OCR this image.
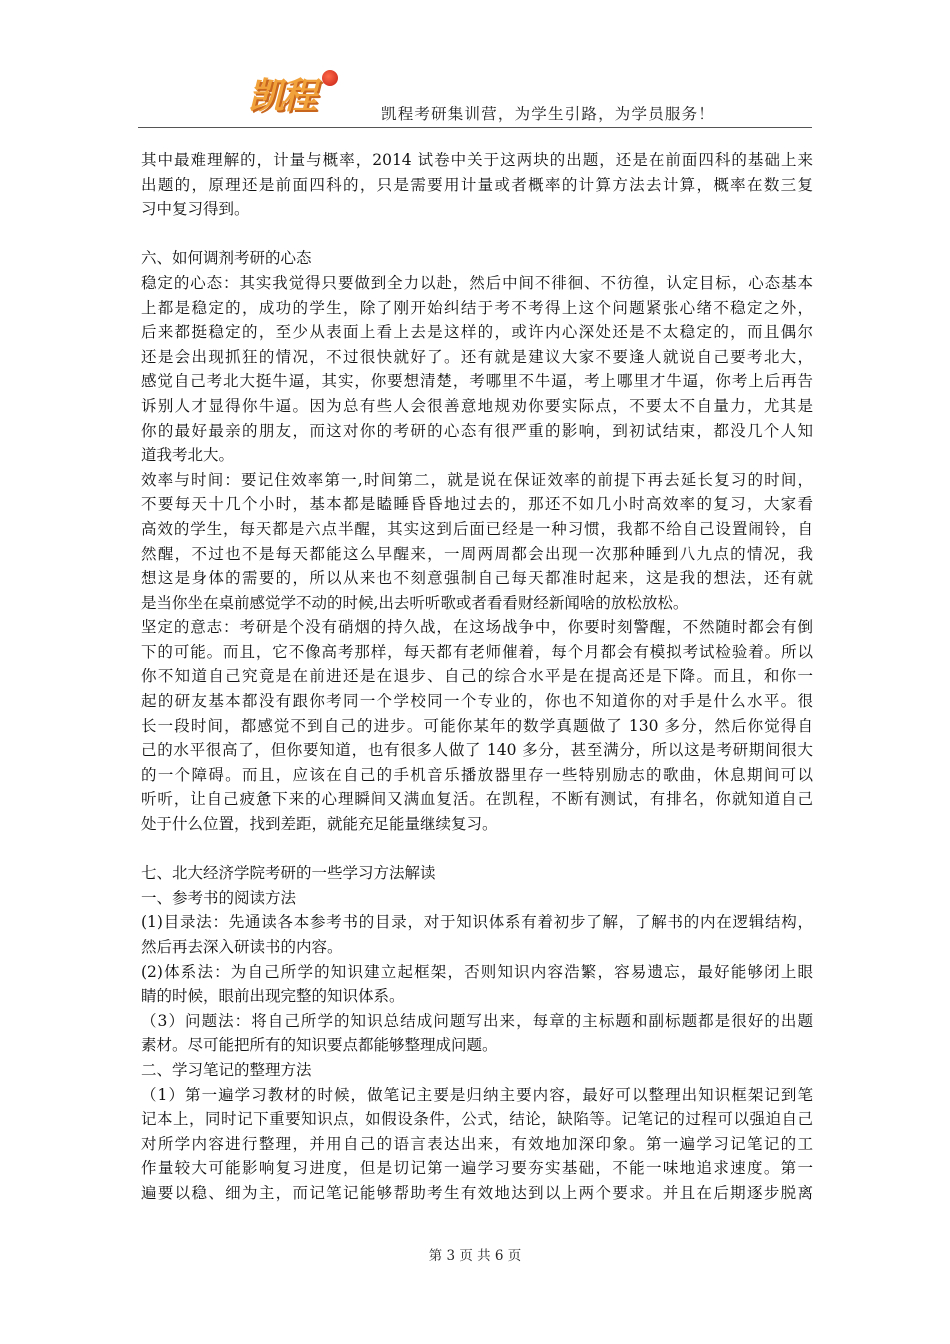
凯程	凯程考研集训营，为学生引路，为学员服务！
其中最难理解的，计量与概率，2014 试卷中关于这两块的出题，还是在前面四科的基础上来
出题的，原理还是前面四科的，只是需要用计量或者概率的计算方法去计算，概率在数三复
习中复习得到。
六、如何调剂考研的心态
稳定的心态：其实我觉得只要做到全力以赴，然后中间不徘徊、不彷徨，认定目标，心态基本
上都是稳定的，成功的学生，除了刚开始纠结于考不考得上这个问题紧张心绪不稳定之外，
后来都挺稳定的，至少从表面上看上去是这样的，或许内心深处还是不太稳定的，而且偶尔
还是会出现抓狂的情况，不过很快就好了。还有就是建议大家不要逢人就说自己要考北大，
感觉自己考北大挺牛逼，其实，你要想清楚，考哪里不牛逼，考上哪里才牛逼，你考上后再告
诉别人才显得你牛逼。因为总有些人会很善意地规劝你要实际点，不要太不自量力，尤其是
你的最好最亲的朋友，而这对你的考研的心态有很严重的影响，到初试结束，都没几个人知
道我考北大。
效率与时间：要记住效率第一,时间第二，就是说在保证效率的前提下再去延长复习的时间，
不要每天十几个小时，基本都是瞌睡昏昏地过去的，那还不如几小时高效率的复习，大家看
高效的学生，每天都是六点半醒，其实这到后面已经是一种习惯，我都不给自己设置闹铃，自
然醒，不过也不是每天都能这么早醒来，一周两周都会出现一次那种睡到八九点的情况，我
想这是身体的需要的，所以从来也不刻意强制自己每天都准时起来，这是我的想法，还有就
是当你坐在桌前感觉学不动的时候,出去听听歌或者看看财经新闻啥的放松放松。
坚定的意志：考研是个没有硝烟的持久战，在这场战争中，你要时刻警醒，不然随时都会有倒
下的可能。而且，它不像高考那样，每天都有老师催着，每个月都会有模拟考试检验着。所以
你不知道自己究竟是在前进还是在退步、自己的综合水平是在提高还是下降。而且，和你一
起的研友基本都没有跟你考同一个学校同一个专业的，你也不知道你的对手是什么水平。很
长一段时间，都感觉不到自己的进步。可能你某年的数学真题做了 130 多分，然后你觉得自
己的水平很高了，但你要知道，也有很多人做了 140 多分，甚至满分，所以这是考研期间很大
的一个障碍。而且，应该在自己的手机音乐播放器里存一些特别励志的歌曲，休息期间可以
听听，让自己疲惫下来的心理瞬间又满血复活。在凯程，不断有测试，有排名，你就知道自己
处于什么位置，找到差距，就能充足能量继续复习。
七、北大经济学院考研的一些学习方法解读
一、参考书的阅读方法
(1)目录法：先通读各本参考书的目录，对于知识体系有着初步了解，了解书的内在逻辑结构，
然后再去深入研读书的内容。
(2)体系法：为自己所学的知识建立起框架，否则知识内容浩繁，容易遗忘，最好能够闭上眼
睛的时候，眼前出现完整的知识体系。
（3）问题法：将自己所学的知识总结成问题写出来，每章的主标题和副标题都是很好的出题
素材。尽可能把所有的知识要点都能够整理成问题。
二、学习笔记的整理方法
（1）第一遍学习教材的时候，做笔记主要是归纳主要内容，最好可以整理出知识框架记到笔
记本上，同时记下重要知识点，如假设条件，公式，结论，缺陷等。记笔记的过程可以强迫自己
对所学内容进行整理，并用自己的语言表达出来，有效地加深印象。第一遍学习记笔记的工
作量较大可能影响复习进度，但是切记第一遍学习要夯实基础，不能一味地追求速度。第一
遍要以稳、细为主，而记笔记能够帮助考生有效地达到以上两个要求。并且在后期逐步脱离
第 3 页 共 6 页
